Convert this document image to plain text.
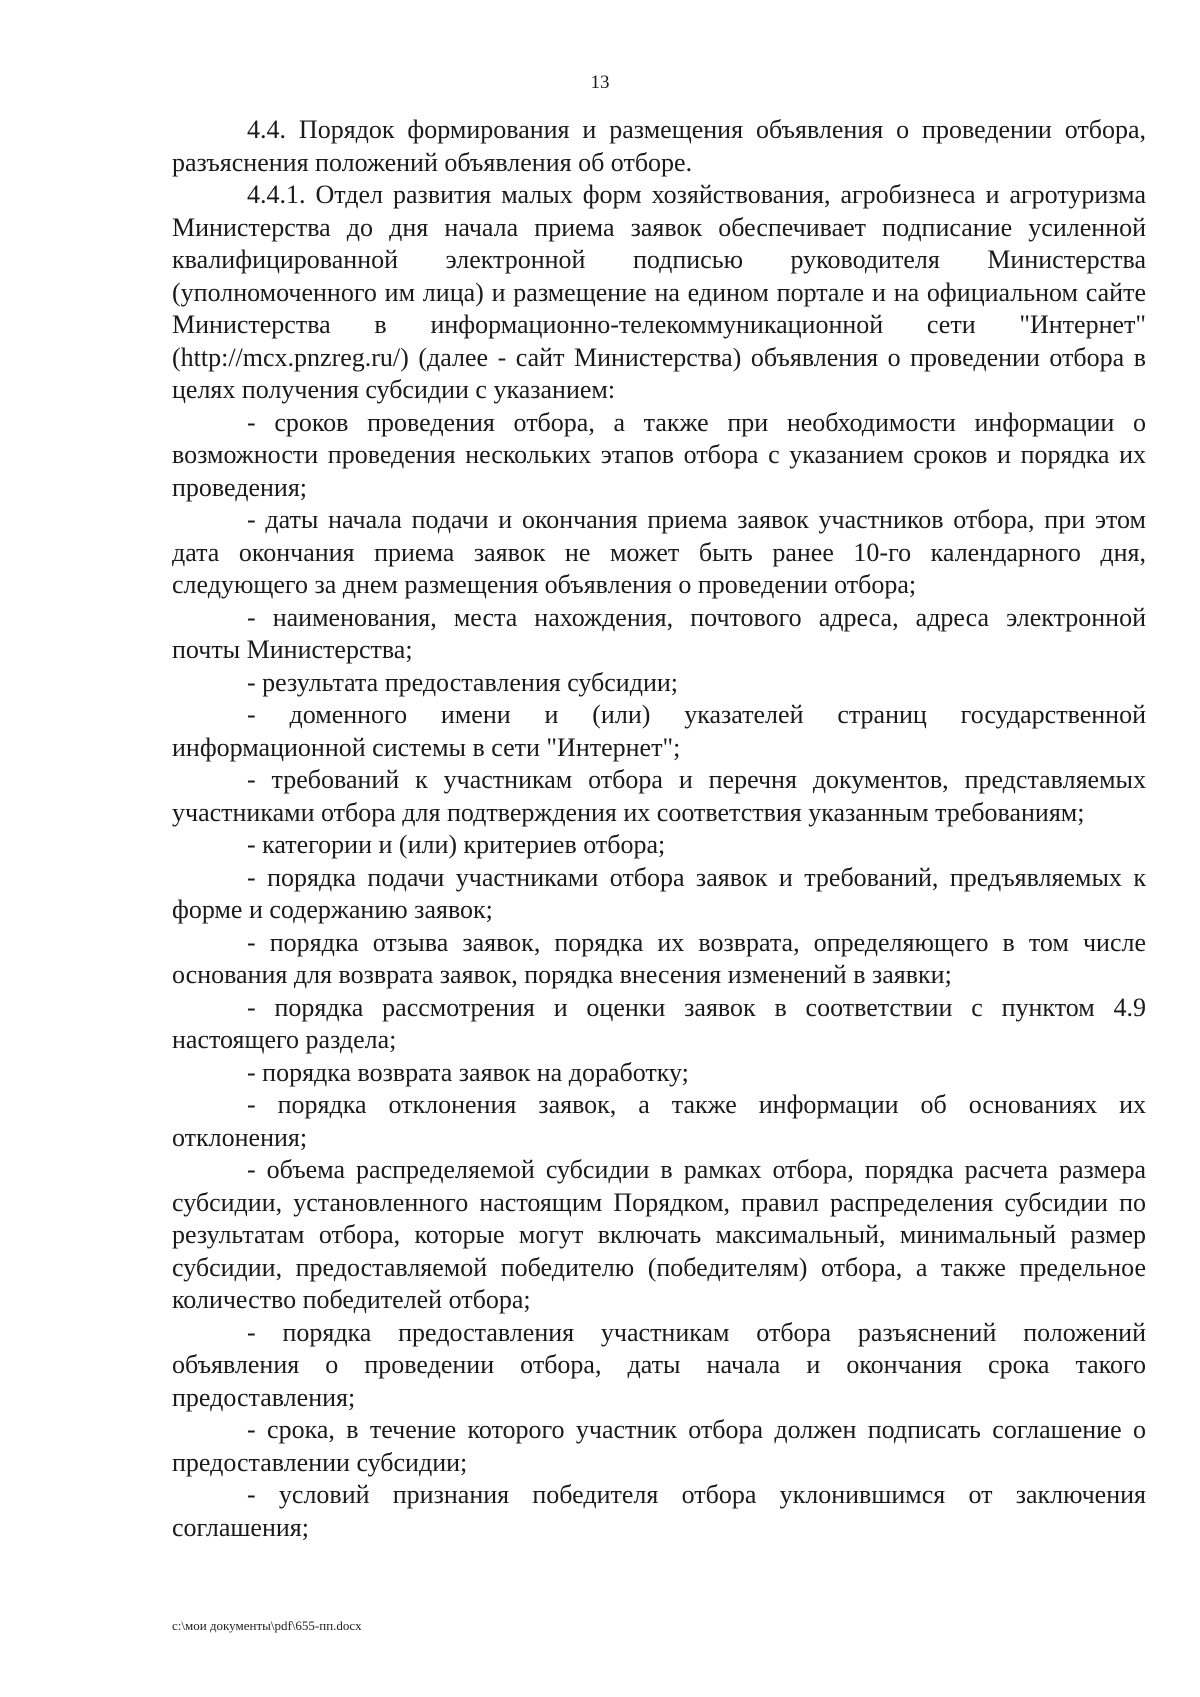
13

4.4. Порядок формирования и размещения объявления о проведении отбора, разъяснения положений объявления об отборе.

4.4.1. Отдел развития малых форм хозяйствования, агробизнеса и агротуризма Министерства до дня начала приема заявок обеспечивает подписание усиленной квалифицированной электронной подписью руководителя Министерства (уполномоченного им лица) и размещение на едином портале и на официальном сайте Министерства в информационно-телекоммуникационной сети "Интернет" (http://mcx.pnzreg.ru/) (далее - сайт Министерства) объявления о проведении отбора в целях получения субсидии с указанием:

- сроков проведения отбора, а также при необходимости информации о возможности проведения нескольких этапов отбора с указанием сроков и порядка их проведения;

- даты начала подачи и окончания приема заявок участников отбора, при этом дата окончания приема заявок не может быть ранее 10-го календарного дня, следующего за днем размещения объявления о проведении отбора;

- наименования, места нахождения, почтового адреса, адреса электронной почты Министерства;

- результата предоставления субсидии;

- доменного имени и (или) указателей страниц государственной информационной системы в сети "Интернет";

- требований к участникам отбора и перечня документов, представляемых участниками отбора для подтверждения их соответствия указанным требованиям;

- категории и (или) критериев отбора;

- порядка подачи участниками отбора заявок и требований, предъявляемых к форме и содержанию заявок;

- порядка отзыва заявок, порядка их возврата, определяющего в том числе основания для возврата заявок, порядка внесения изменений в заявки;

- порядка рассмотрения и оценки заявок в соответствии с пунктом 4.9 настоящего раздела;

- порядка возврата заявок на доработку;

- порядка отклонения заявок, а также информации об основаниях их отклонения;

- объема распределяемой субсидии в рамках отбора, порядка расчета размера субсидии, установленного настоящим Порядком, правил распределения субсидии по результатам отбора, которые могут включать максимальный, минимальный размер субсидии, предоставляемой победителю (победителям) отбора, а также предельное количество победителей отбора;

- порядка предоставления участникам отбора разъяснений положений объявления о проведении отбора, даты начала и окончания срока такого предоставления;

- срока, в течение которого участник отбора должен подписать соглашение о предоставлении субсидии;

- условий признания победителя отбора уклонившимся от заключения соглашения;

c:\мои документы\pdf\655-пп.docx
